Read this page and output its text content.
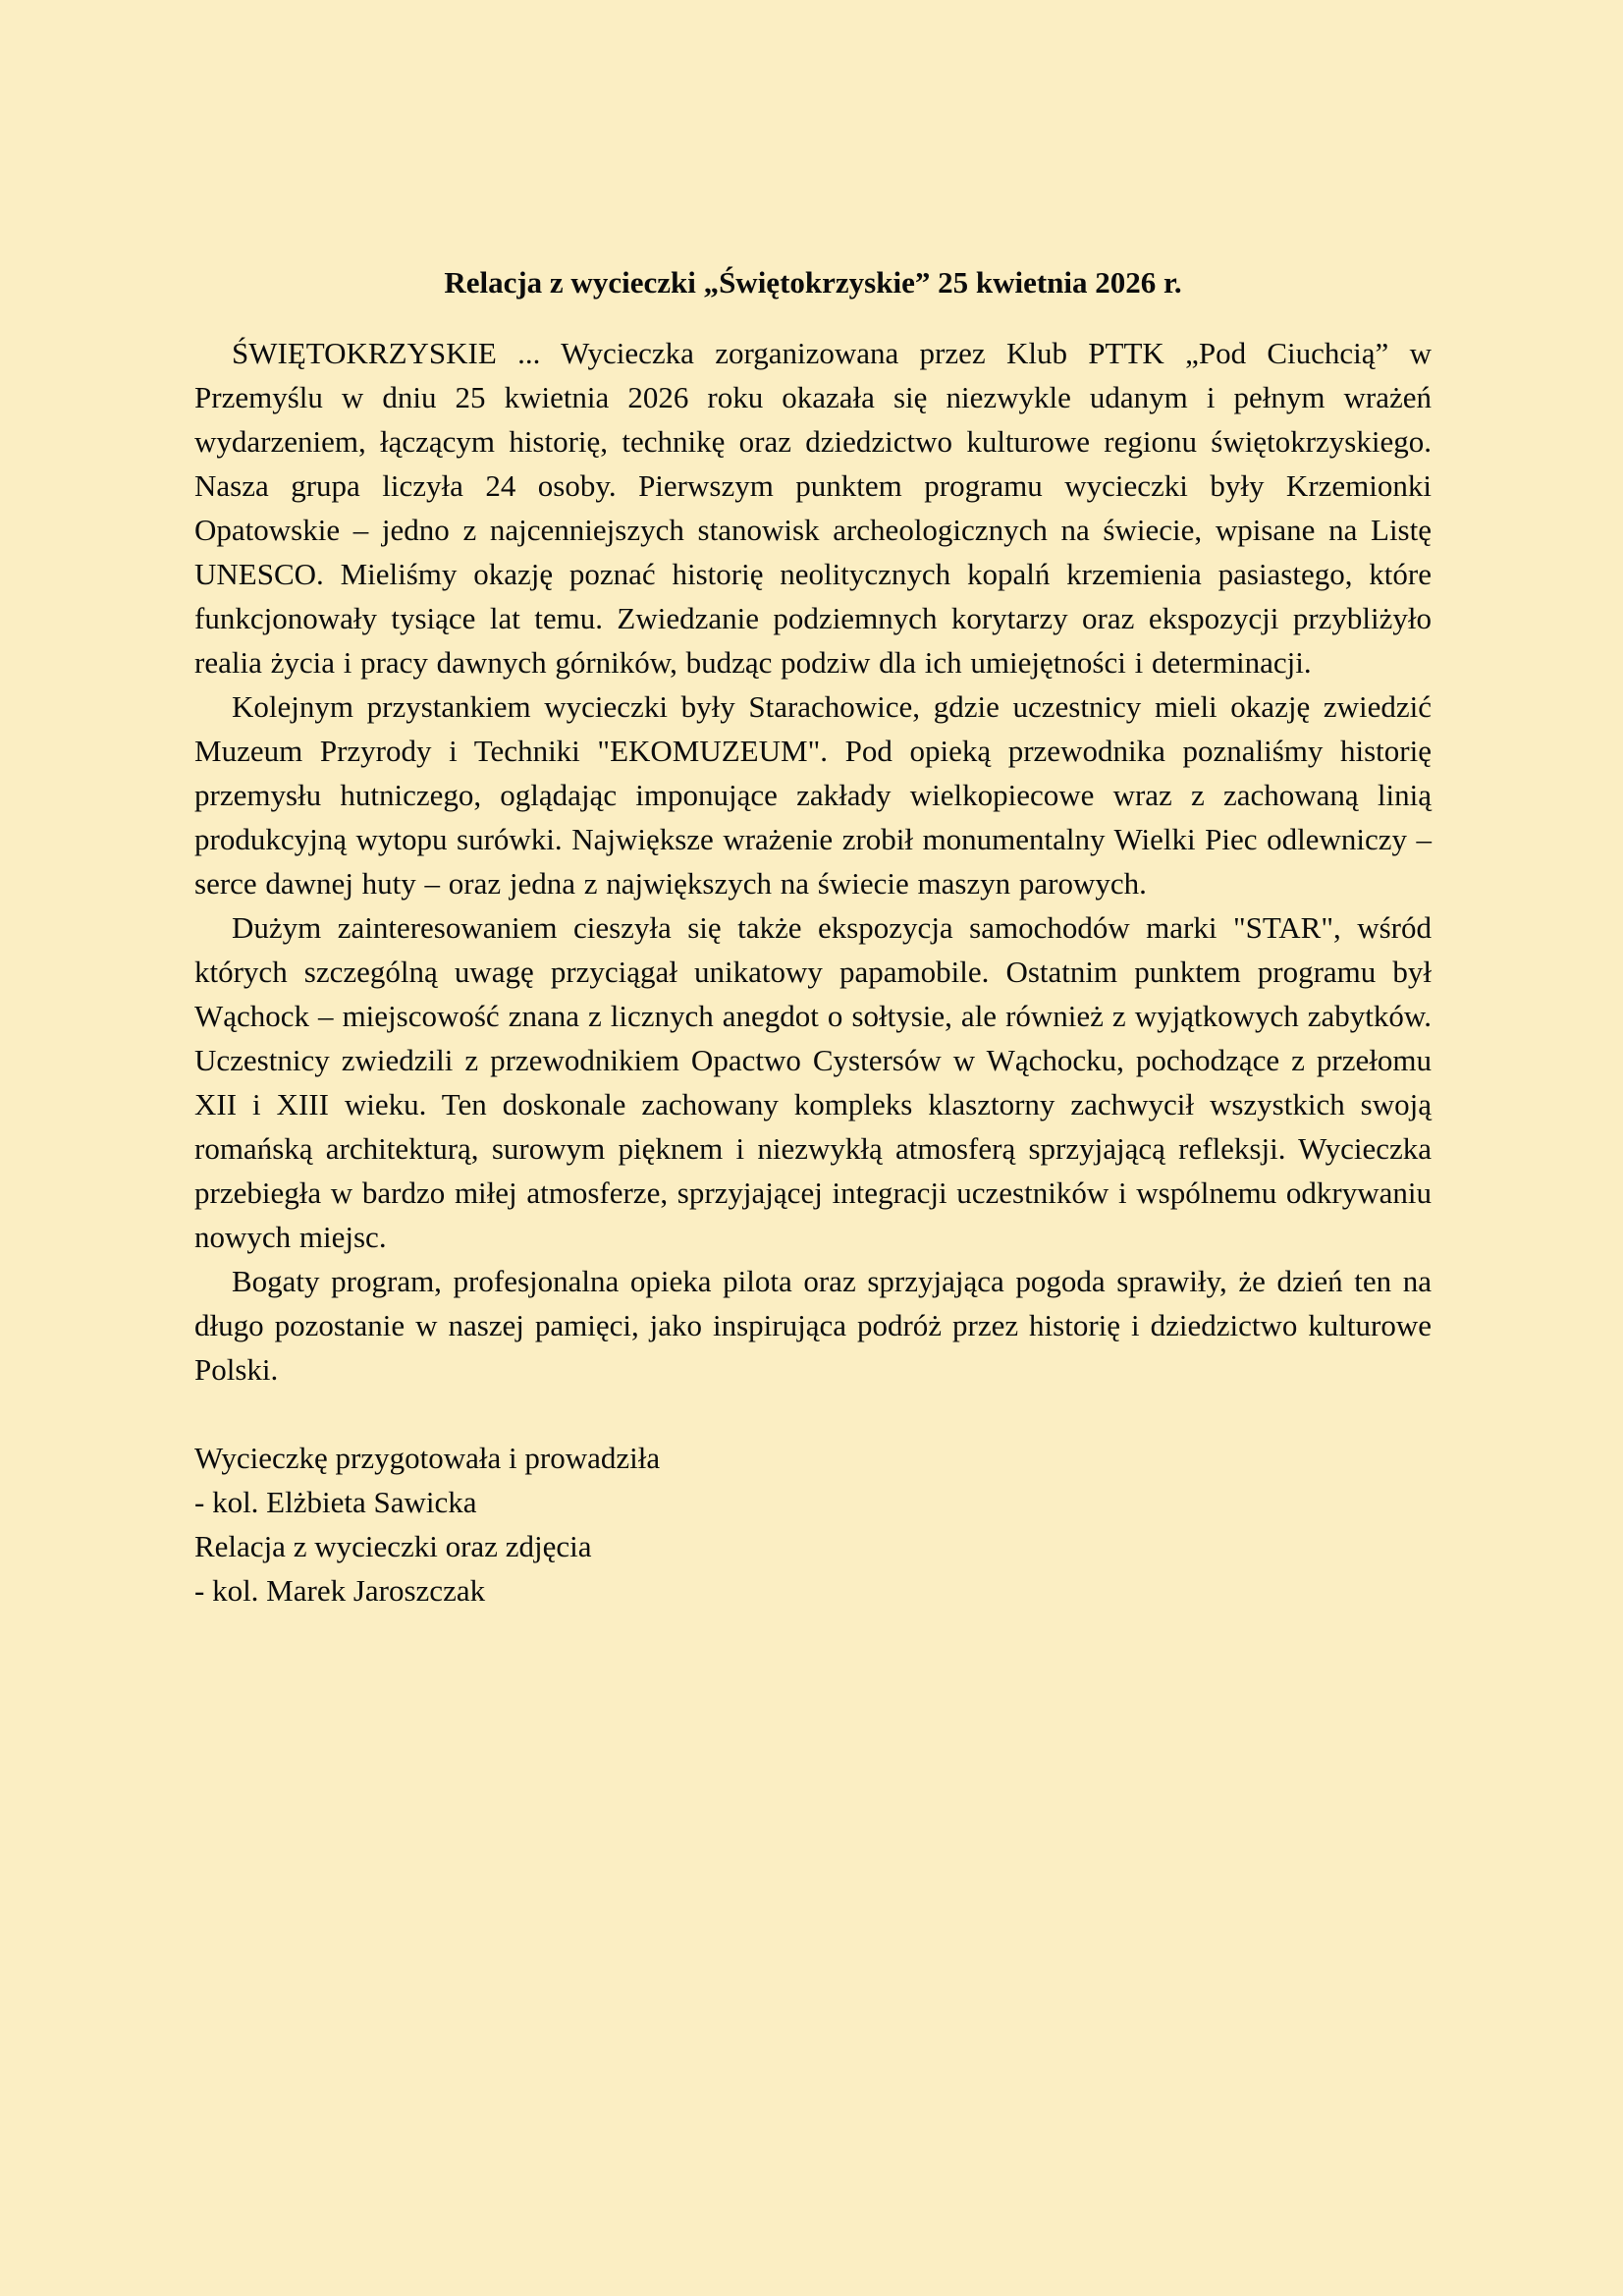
Relacja z wycieczki „Świętokrzyskie” 25 kwietnia 2026 r.

ŚWIĘTOKRZYSKIE ... Wycieczka zorganizowana przez Klub PTTK „Pod Ciuchcią” w Przemyślu w dniu 25 kwietnia 2026 roku okazała się niezwykle udanym i pełnym wrażeń wydarzeniem, łączącym historię, technikę oraz dziedzictwo kulturowe regionu świętokrzyskiego. Nasza grupa liczyła 24 osoby. Pierwszym punktem programu wycieczki były Krzemionki Opatowskie – jedno z najcenniejszych stanowisk archeologicznych na świecie, wpisane na Listę UNESCO. Mieliśmy okazję poznać historię neolitycznych kopalń krzemienia pasiastego, które funkcjonowały tysiące lat temu. Zwiedzanie podziemnych korytarzy oraz ekspozycji przybliżyło realia życia i pracy dawnych górników, budząc podziw dla ich umiejętności i determinacji.

Kolejnym przystankiem wycieczki były Starachowice, gdzie uczestnicy mieli okazję zwiedzić Muzeum Przyrody i Techniki "EKOMUZEUM". Pod opieką przewodnika poznaliśmy historię przemysłu hutniczego, oglądając imponujące zakłady wielkopiecowe wraz z zachowaną linią produkcyjną wytopu surówki. Największe wrażenie zrobił monumentalny Wielki Piec odlewniczy – serce dawnej huty – oraz jedna z największych na świecie maszyn parowych.

Dużym zainteresowaniem cieszyła się także ekspozycja samochodów marki "STAR", wśród których szczególną uwagę przyciągał unikatowy papamobile. Ostatnim punktem programu był Wąchock – miejscowość znana z licznych anegdot o sołtysie, ale również z wyjątkowych zabytków. Uczestnicy zwiedzili z przewodnikiem Opactwo Cystersów w Wąchocku, pochodzące z przełomu XII i XIII wieku. Ten doskonale zachowany kompleks klasztorny zachwycił wszystkich swoją romańską architekturą, surowym pięknem i niezwykłą atmosferą sprzyjającą refleksji. Wycieczka przebiegła w bardzo miłej atmosferze, sprzyjającej integracji uczestników i wspólnemu odkrywaniu nowych miejsc.

Bogaty program, profesjonalna opieka pilota oraz sprzyjająca pogoda sprawiły, że dzień ten na długo pozostanie w naszej pamięci, jako inspirująca podróż przez historię i dziedzictwo kulturowe Polski.

Wycieczkę przygotowała i prowadziła

- kol. Elżbieta Sawicka

Relacja z wycieczki oraz zdjęcia

- kol. Marek Jaroszczak
